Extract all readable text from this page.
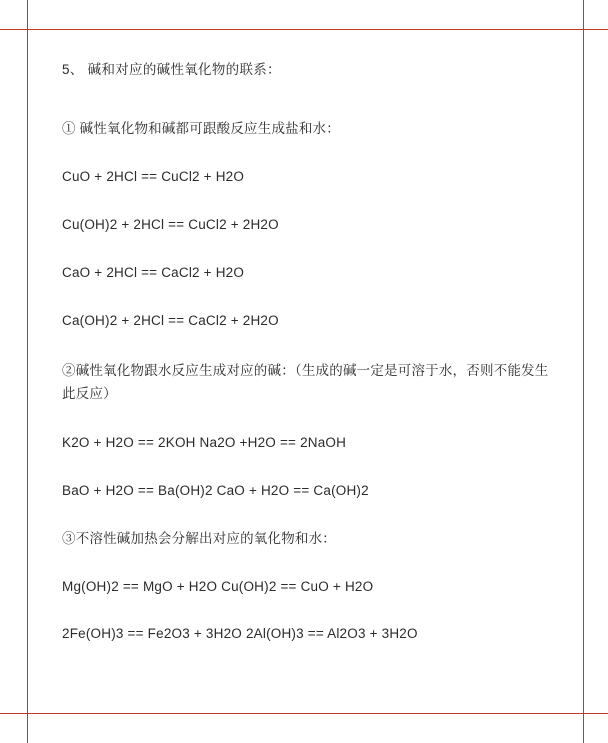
5、 碱和对应的碱性氧化物的联系：

① 碱性氧化物和碱都可跟酸反应生成盐和水：

CuO + 2HCl == CuCl2 + H2O

Cu(OH)2 + 2HCl == CuCl2 + 2H2O

CaO + 2HCl == CaCl2 + H2O

Ca(OH)2 + 2HCl == CaCl2 + 2H2O

②碱性氧化物跟水反应生成对应的碱：（生成的碱一定是可溶于水，否则不能发生此反应）

K2O + H2O == 2KOH Na2O +H2O == 2NaOH

BaO + H2O == Ba(OH)2 CaO + H2O == Ca(OH)2

③不溶性碱加热会分解出对应的氧化物和水：

Mg(OH)2 == MgO + H2O Cu(OH)2 == CuO + H2O

2Fe(OH)3 == Fe2O3 + 3H2O 2Al(OH)3 == Al2O3 + 3H2O
